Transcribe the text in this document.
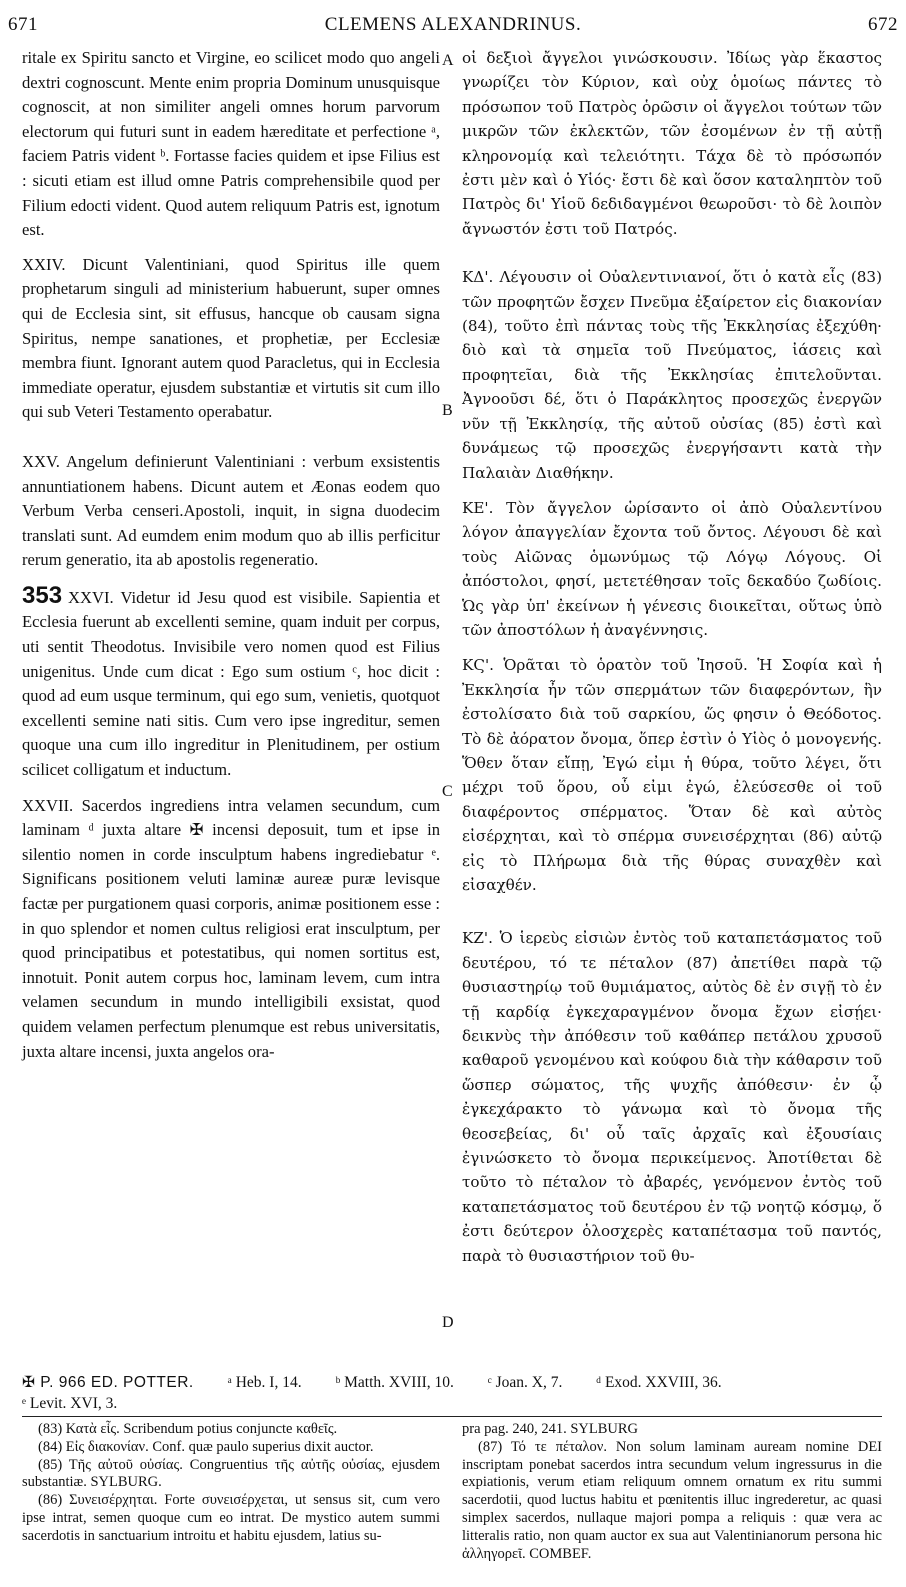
671	CLEMENS ALEXANDRINUS.	672
A
B
C
D

ritale ex Spiritu sancto et Virgine, eo scilicet modo quo angeli dextri cognoscunt. Mente enim propria Dominum unusquisque cognoscit, at non similiter angeli omnes horum parvorum electorum qui futuri sunt in eadem hæreditate et perfectione ᵃ, faciem Patris vident ᵇ. Fortasse facies quidem et ipse Filius est : sicuti etiam est illud omne Patris comprehensibile quod per Filium edocti vident. Quod autem reliquum Patris est, ignotum est.

XXIV. Dicunt Valentiniani, quod Spiritus ille quem prophetarum singuli ad ministerium habuerunt, super omnes qui de Ecclesia sint, sit effusus, hancque ob causam signa Spiritus, nempe sanationes, et prophetiæ, per Ecclesiæ membra fiunt. Ignorant autem quod Paracletus, qui in Ecclesia immediate operatur, ejusdem substantiæ et virtutis sit cum illo qui sub Veteri Testamento operabatur.

XXV. Angelum definierunt Valentiniani : verbum exsistentis annuntiationem habens. Dicunt autem et Æonas eodem quo Verbum Verba censeri.Apostoli, inquit, in signa duodecim translati sunt. Ad eumdem enim modum quo ab illis perficitur rerum generatio, ita ab apostolis regeneratio.

353 XXVI. Videtur id Jesu quod est visibile. Sapientia et Ecclesia fuerunt ab excellenti semine, quam induit per corpus, uti sentit Theodotus. Invisibile vero nomen quod est Filius unigenitus. Unde cum dicat : Ego sum ostium ᶜ, hoc dicit : quod ad eum usque terminum, qui ego sum, venietis, quotquot excellenti semine nati sitis. Cum vero ipse ingreditur, semen quoque una cum illo ingreditur in Plenitudinem, per ostium scilicet colligatum et inductum.

XXVII. Sacerdos ingrediens intra velamen secundum, cum laminam ᵈ juxta altare ✠ incensi deposuit, tum et ipse in silentio nomen in corde insculptum habens ingrediebatur ᵉ. Significans positionem veluti laminæ aureæ puræ levisque factæ per purgationem quasi corporis, animæ positionem esse : in quo splendor et nomen cultus religiosi erat insculptum, per quod principatibus et potestatibus, qui nomen sortitus est, innotuit. Ponit autem corpus hoc, laminam levem, cum intra velamen secundum in mundo intelligibili exsistat, quod quidem velamen perfectum plenumque est rebus universitatis, juxta altare incensi, juxta angelos ora-

οἱ δεξιοὶ ἄγγελοι γινώσκουσιν. Ἰδίως γὰρ ἕκαστος γνωρίζει τὸν Κύριον, καὶ οὐχ ὁμοίως πάντες τὸ πρόσωπον τοῦ Πατρὸς ὁρῶσιν οἱ ἄγγελοι τούτων τῶν μικρῶν τῶν ἐκλεκτῶν, τῶν ἐσομένων ἐν τῇ αὐτῇ κληρονομίᾳ καὶ τελειότητι. Τάχα δὲ τὸ πρόσωπόν ἐστι μὲν καὶ ὁ Υἱός· ἔστι δὲ καὶ ὅσον καταληπτὸν τοῦ Πατρὸς δι' Υἱοῦ δεδιδαγμένοι θεωροῦσι· τὸ δὲ λοιπὸν ἄγνωστόν ἐστι τοῦ Πατρός.

ΚΔ'. Λέγουσιν οἱ Οὐαλεντινιανοί, ὅτι ὁ κατὰ εἷς (83) τῶν προφητῶν ἔσχεν Πνεῦμα ἐξαίρετον εἰς διακονίαν (84), τοῦτο ἐπὶ πάντας τοὺς τῆς Ἐκκλησίας ἐξεχύθη· διὸ καὶ τὰ σημεῖα τοῦ Πνεύματος, ἰάσεις καὶ προφητεῖαι, διὰ τῆς Ἐκκλησίας ἐπιτελοῦνται. Ἀγνοοῦσι δέ, ὅτι ὁ Παράκλητος προσεχῶς ἐνεργῶν νῦν τῇ Ἐκκλησίᾳ, τῆς αὐτοῦ οὐσίας (85) ἐστὶ καὶ δυνάμεως τῷ προσεχῶς ἐνεργήσαντι κατὰ τὴν Παλαιὰν Διαθήκην.

ΚΕ'. Τὸν ἄγγελον ὡρίσαντο οἱ ἀπὸ Οὐαλεντίνου λόγον ἀπαγγελίαν ἔχοντα τοῦ ὄντος. Λέγουσι δὲ καὶ τοὺς Αἰῶνας ὁμωνύμως τῷ Λόγῳ Λόγους. Οἱ ἀπόστολοι, φησί, μετετέθησαν τοῖς δεκαδύο ζωδίοις. Ὡς γὰρ ὑπ' ἐκείνων ἡ γένεσις διοικεῖται, οὕτως ὑπὸ τῶν ἀποστόλων ἡ ἀναγέννησις.

ΚϚ'. Ὁρᾶται τὸ ὁρατὸν τοῦ Ἰησοῦ. Ἡ Σοφία καὶ ἡ Ἐκκλησία ἦν τῶν σπερμάτων τῶν διαφερόντων, ἣν ἐστολίσατο διὰ τοῦ σαρκίου, ὥς φησιν ὁ Θεόδοτος. Τὸ δὲ ἀόρατον ὄνομα, ὅπερ ἐστὶν ὁ Υἱὸς ὁ μονογενής. Ὅθεν ὅταν εἴπῃ, Ἐγώ εἰμι ἡ θύρα, τοῦτο λέγει, ὅτι μέχρι τοῦ ὅρου, οὗ εἰμι ἐγώ, ἐλεύσεσθε οἱ τοῦ διαφέροντος σπέρματος. Ὅταν δὲ καὶ αὐτὸς εἰσέρχηται, καὶ τὸ σπέρμα συνεισέρχηται (86) αὐτῷ εἰς τὸ Πλήρωμα διὰ τῆς θύρας συναχθὲν καὶ εἰσαχθέν.

ΚΖ'. Ὁ ἱερεὺς εἰσιὼν ἐντὸς τοῦ καταπετάσματος τοῦ δευτέρου, τό τε πέταλον (87) ἀπετίθει παρὰ τῷ θυσιαστηρίῳ τοῦ θυμιάματος, αὐτὸς δὲ ἐν σιγῇ τὸ ἐν τῇ καρδίᾳ ἐγκεχαραγμένον ὄνομα ἔχων εἰσῄει· δεικνὺς τὴν ἀπόθεσιν τοῦ καθάπερ πετάλου χρυσοῦ καθαροῦ γενομένου καὶ κούφου διὰ τὴν κάθαρσιν τοῦ ὥσπερ σώματος, τῆς ψυχῆς ἀπόθεσιν· ἐν ᾧ ἐγκεχάρακτο τὸ γάνωμα καὶ τὸ ὄνομα τῆς θεοσεβείας, δι' οὗ ταῖς ἀρχαῖς καὶ ἐξουσίαις ἐγινώσκετο τὸ ὄνομα περικείμενος. Ἀποτίθεται δὲ τοῦτο τὸ πέταλον τὸ ἀβαρές, γενόμενον ἐντὸς τοῦ καταπετάσματος τοῦ δευτέρου ἐν τῷ νοητῷ κόσμῳ, ὅ ἐστι δεύτερον ὁλοσχερὲς καταπέτασμα τοῦ παντός, παρὰ τὸ θυσιαστήριον τοῦ θυ-

✠ P. 966 ED. POTTER. ᵃ Heb. I, 14. ᵇ Matth. XVIII, 10. ᶜ Joan. X, 7. ᵈ Exod. XXVIII, 36.
ᵉ Levit. XVI, 3.

(83) Κατὰ εἷς. Scribendum potius conjuncte καθεῖς.

(84) Εἰς διακονίαν. Conf. quæ paulo superius dixit auctor.

(85) Τῆς αὐτοῦ οὐσίας. Congruentius τῆς αὐτῆς οὐσίας, ejusdem substantiæ. SYLBURG.

(86) Συνεισέρχηται. Forte συνεισέρχεται, ut sensus sit, cum vero ipse intrat, semen quoque cum eo intrat. De mystico autem summi sacerdotis in sanctuarium introitu et habitu ejusdem, latius su-

pra pag. 240, 241. SYLBURG

(87) Τό τε πέταλον. Non solum laminam auream nomine DEI inscriptam ponebat sacerdos intra secundum velum ingressurus in die expiationis, verum etiam reliquum omnem ornatum ex ritu summi sacerdotii, quod luctus habitu et pœnitentis illuc ingrederetur, ac quasi simplex sacerdos, nullaque majori pompa a reliquis : quæ vera ac litteralis ratio, non quam auctor ex sua aut Valentinianorum persona hic ἀλληγορεῖ. COMBEF.
